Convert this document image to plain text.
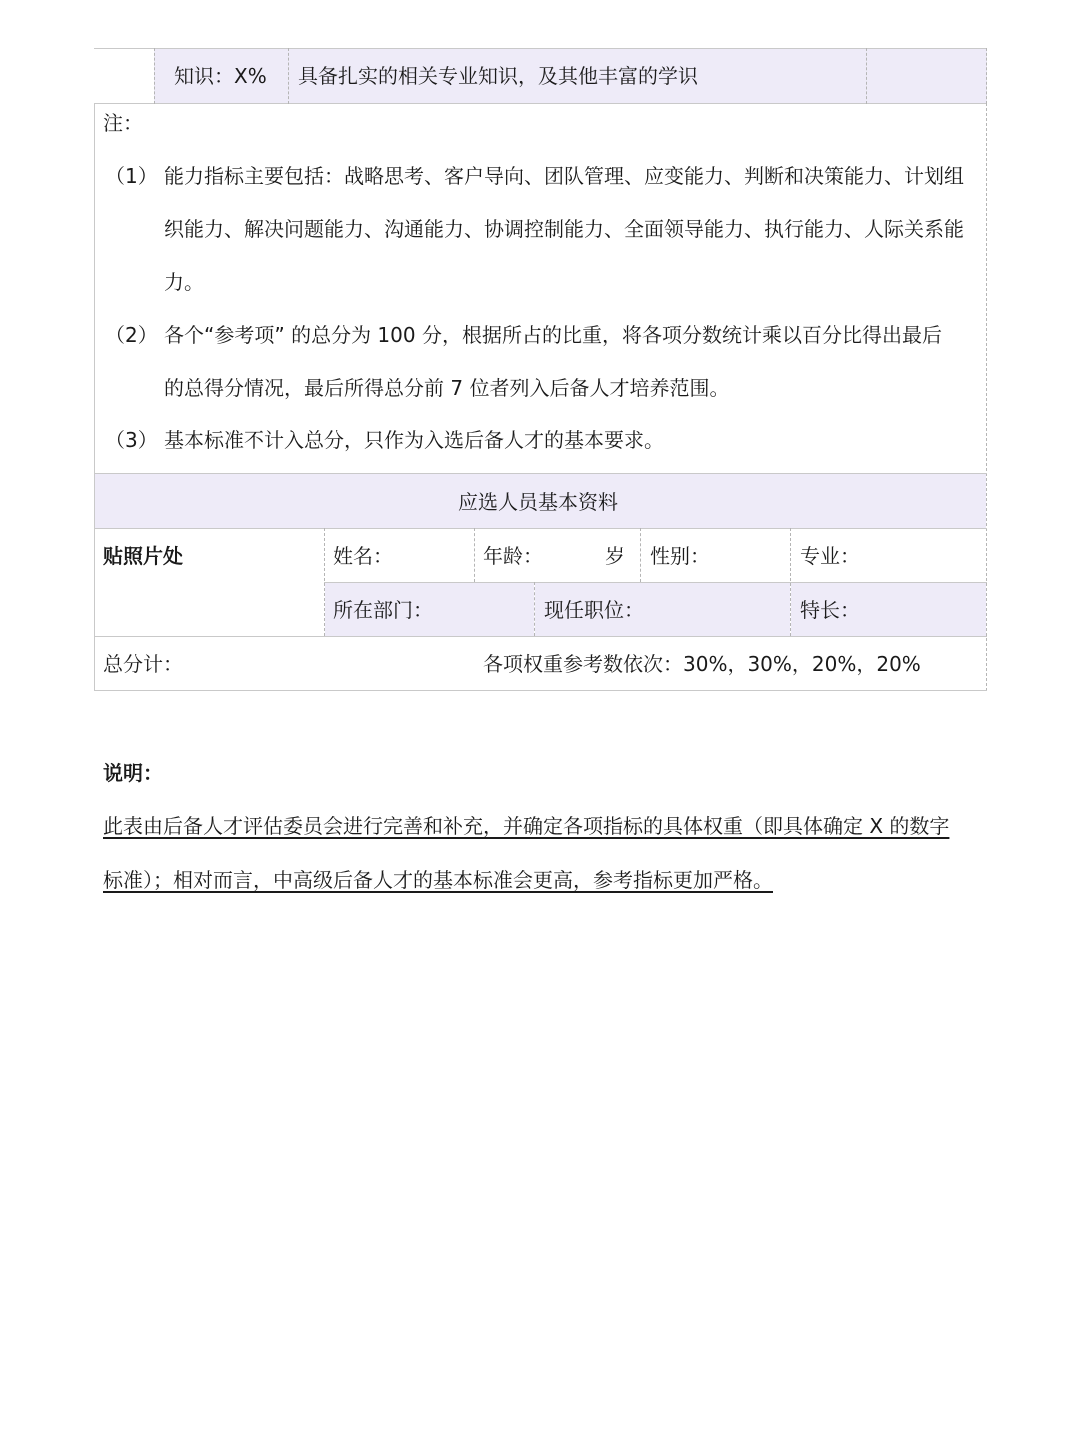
知识：X% 具备扎实的相关专业知识，及其他丰富的学识
注：
（1） 能力指标主要包括：战略思考、客户导向、团队管理、应变能力、判断和决策能力、计划组
织能力、解决问题能力、沟通能力、协调控制能力、全面领导能力、执行能力、人际关系能
力。
（2） 各个“参考项” 的总分为 100 分，根据所占的比重，将各项分数统计乘以百分比得出最后
的总得分情况，最后所得总分前 7 位者列入后备人才培养范围。
（3） 基本标准不计入总分，只作为入选后备人才的基本要求。
应选人员基本资料
贴照片处	姓名：	年龄：	岁 性别：	专业：
所在部门：	现任职位：	特长：
总分计：	各项权重参考数依次：30%，30%，20%，20%
说明：
此表由后备人才评估委员会进行完善和补充，并确定各项指标的具体权重（即具体确定 X 的数字
标准）；相对而言，中高级后备人才的基本标准会更高，参考指标更加严格。
